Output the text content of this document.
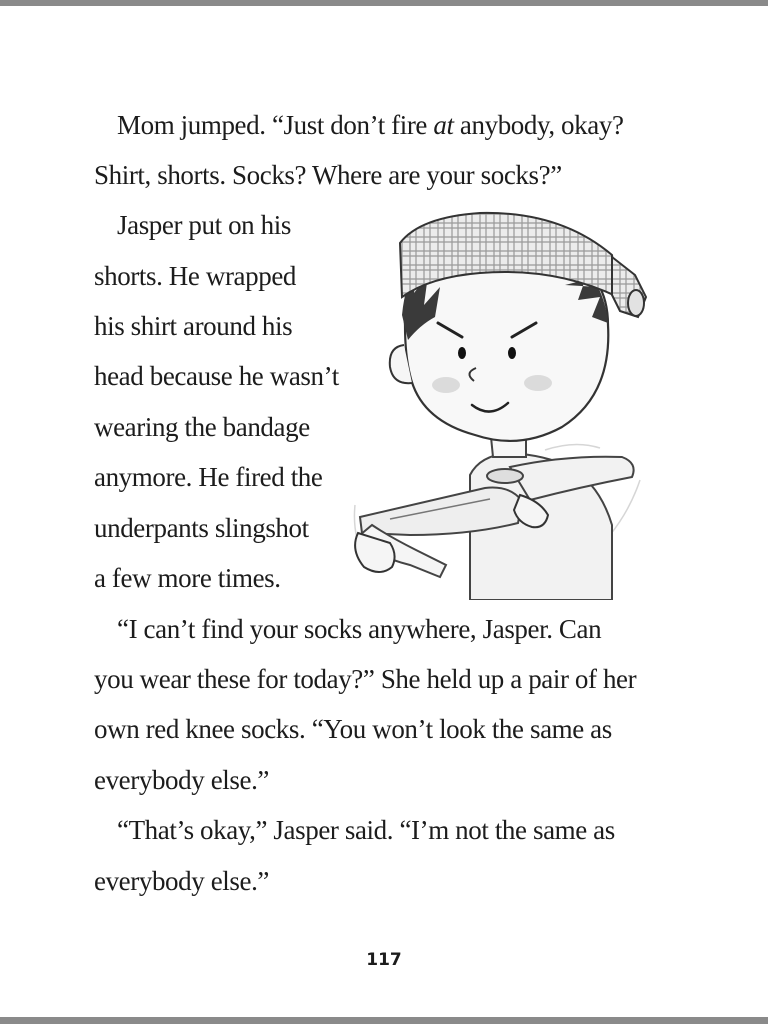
Mom jumped. “Just don’t fire at anybody, okay?
Shirt, shorts. Socks? Where are your socks?”
Jasper put on his
shorts. He wrapped
his shirt around his
head because he wasn’t
wearing the bandage
anymore. He fired the
underpants slingshot
a few more times.
“I can’t find your socks anywhere, Jasper. Can
you wear these for today?” She held up a pair of her
own red knee socks. “You won’t look the same as
everybody else.”
“That’s okay,” Jasper said. “I’m not the same as
everybody else.”
117
